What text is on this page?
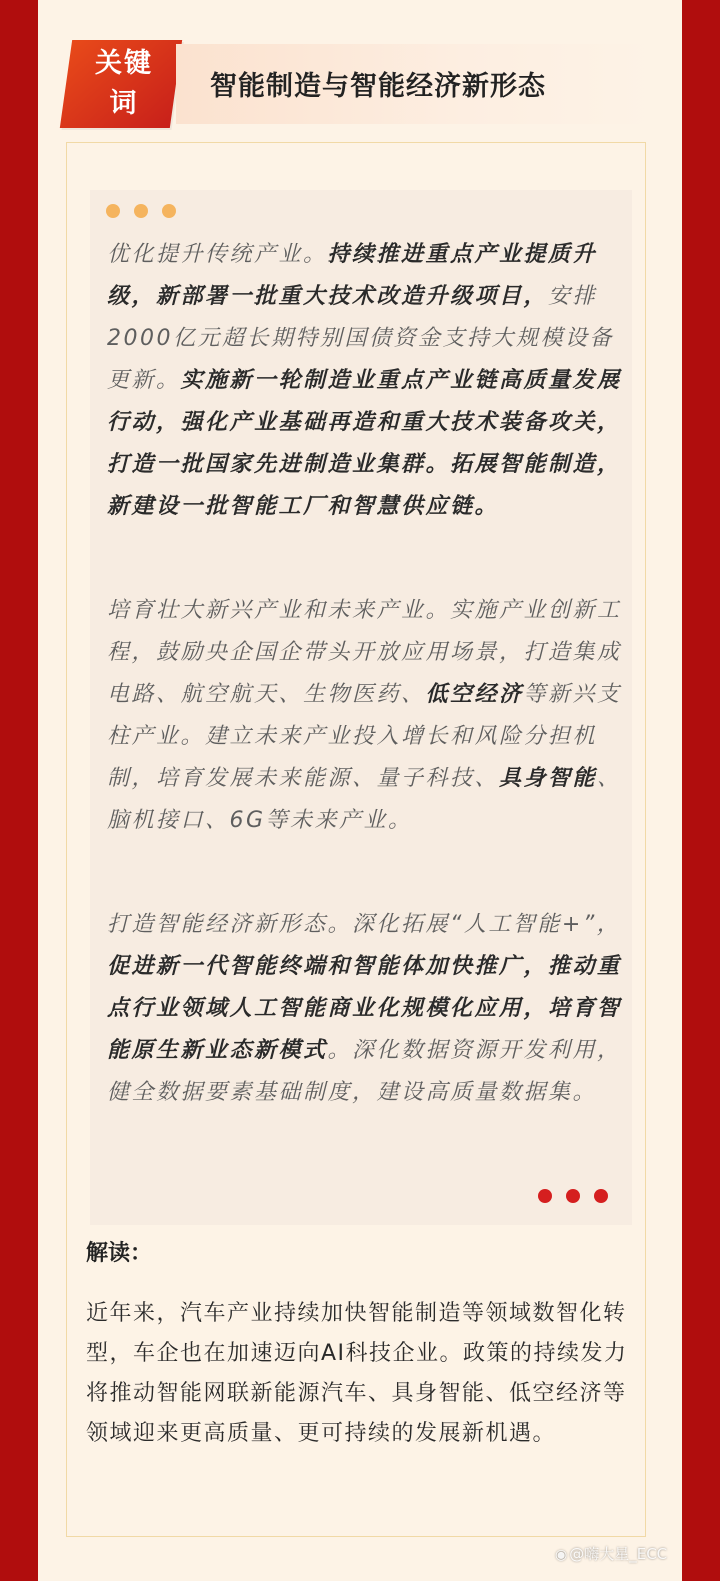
关键
词
智能制造与智能经济新形态

优化提升传统产业。持续推进重点产业提质升级，新部署一批重大技术改造升级项目，安排2000亿元超长期特别国债资金支持大规模设备更新。实施新一轮制造业重点产业链高质量发展行动，强化产业基础再造和重大技术装备攻关，打造一批国家先进制造业集群。拓展智能制造，新建设一批智能工厂和智慧供应链。

培育壮大新兴产业和未来产业。实施产业创新工程，鼓励央企国企带头开放应用场景，打造集成电路、航空航天、生物医药、低空经济等新兴支柱产业。建立未来产业投入增长和风险分担机制，培育发展未来能源、量子科技、具身智能、脑机接口、6G等未来产业。

打造智能经济新形态。深化拓展“人工智能+”，促进新一代智能终端和智能体加快推广，推动重点行业领域人工智能商业化规模化应用，培育智能原生新业态新模式。深化数据资源开发利用，健全数据要素基础制度，建设高质量数据集。

解读：

近年来，汽车产业持续加快智能制造等领域数智化转型，车企也在加速迈向AI科技企业。政策的持续发力将推动智能网联新能源汽车、具身智能、低空经济等领域迎来更高质量、更可持续的发展新机遇。

◉ @嗨大星_ECC
